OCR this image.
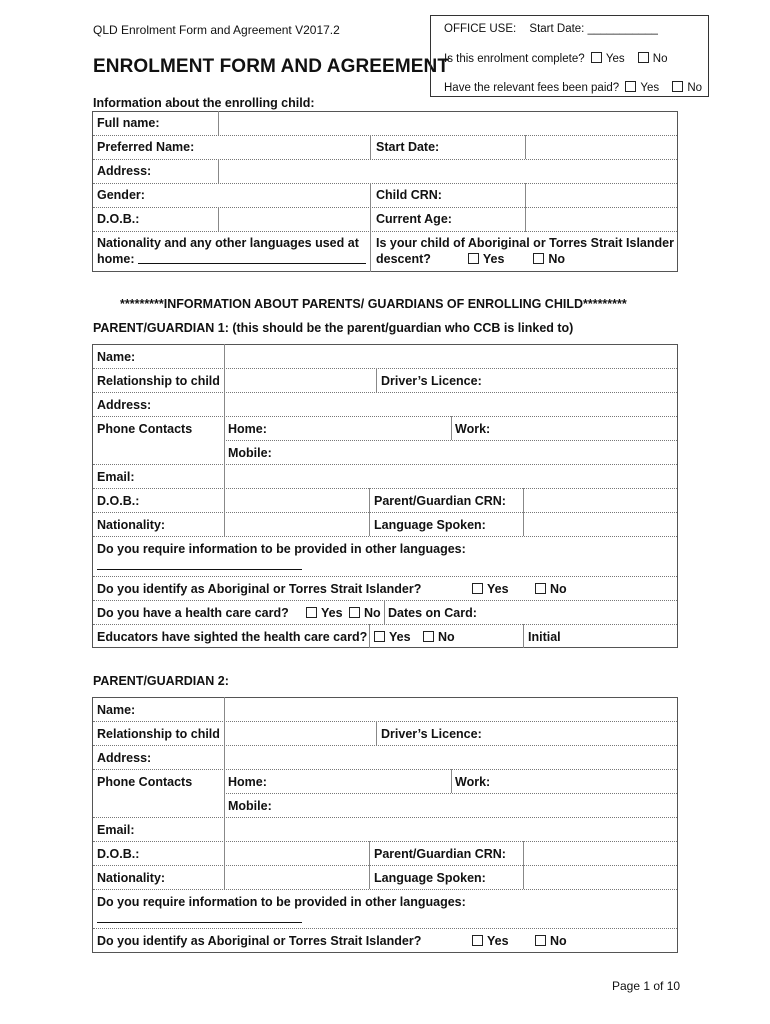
QLD Enrolment Form and Agreement V2017.2
ENROLMENT FORM AND AGREEMENT
OFFICE USE: Start Date: ___________
Is this enrolment complete? Yes No
Have the relevant fees been paid? Yes No
Information about the enrolling child:
Full name:
Preferred Name:	Start Date:
Address:
Gender:	Child CRN:
D.O.B.:	Current Age:
Nationality and any other languages used at
home:
Is your child of Aboriginal or Torres Strait Islander
descent?	Yes	No
*********INFORMATION ABOUT PARENTS/ GUARDIANS OF ENROLLING CHILD*********
PARENT/GUARDIAN 1: (this should be the parent/guardian who CCB is linked to)
Name:
Relationship to child	Driver’s Licence:
Address:
Phone Contacts	Home:	Work:
Mobile:
Email:
D.O.B.:	Parent/Guardian CRN:
Nationality:	Language Spoken:
Do you require information to be provided in other languages:
Do you identify as Aboriginal or Torres Strait Islander?	Yes	No
Do you have a health care card?	Yes	No Dates on Card:
Educators have sighted the health care card?	Yes	No	Initial
PARENT/GUARDIAN 2:
Name:
Relationship to child	Driver’s Licence:
Address:
Phone Contacts	Home:	Work:
Mobile:
Email:
D.O.B.:	Parent/Guardian CRN:
Nationality:	Language Spoken:
Do you require information to be provided in other languages:
Do you identify as Aboriginal or Torres Strait Islander?	Yes	No
Page 1 of 10
